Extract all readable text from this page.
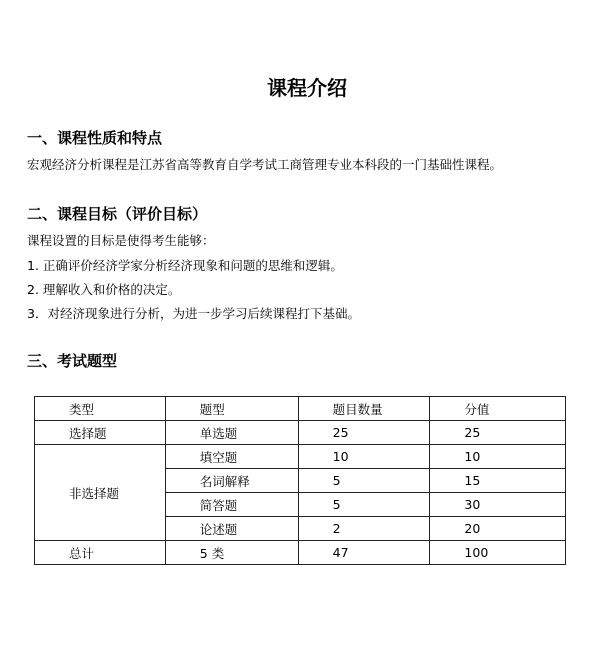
课程介绍
一、课程性质和特点

宏观经济分析课程是江苏省高等教育自学考试工商管理专业本科段的一门基础性课程。

二、课程目标（评价目标）

课程设置的目标是使得考生能够：

1. 正确评价经济学家分析经济现象和问题的思维和逻辑。

2. 理解收入和价格的决定。

3．对经济现象进行分析，为进一步学习后续课程打下基础。

三、考试题型
类型	题型	题目数量	分值
选择题	单选题	25	25
非选择题	填空题	10	10
	名词解释	5	15
	简答题	5	30
	论述题	2	20
总计	5 类	47	100
